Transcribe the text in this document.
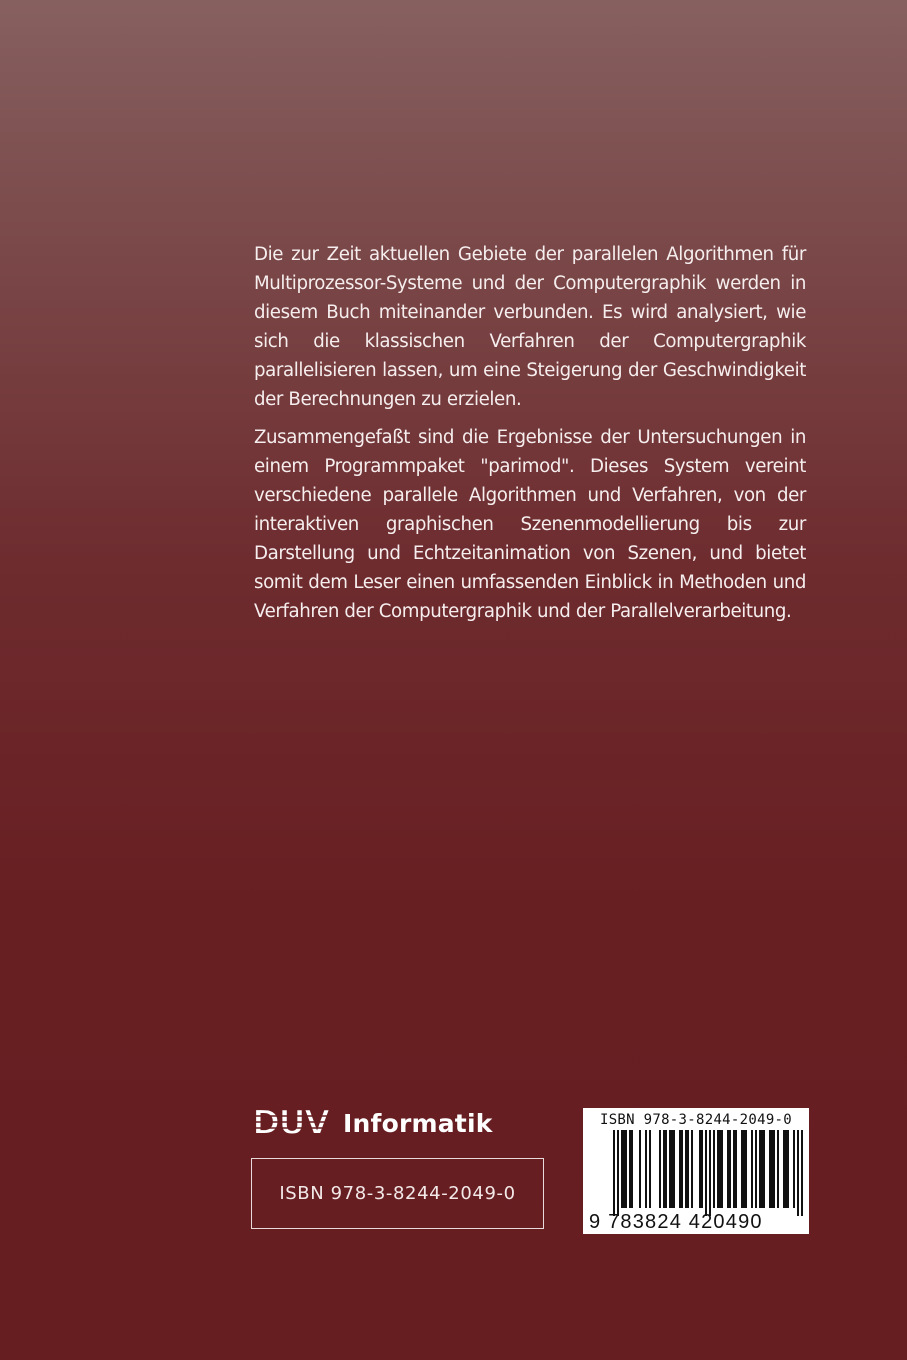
Die zur Zeit aktuellen Gebiete der parallelen Algorithmen für Multiprozessor-Systeme und der Computergraphik werden in diesem Buch miteinander verbunden. Es wird analysiert, wie sich die klassischen Verfahren der Computergraphik parallelisieren lassen, um eine Steigerung der Geschwindigkeit der Berechnungen zu erzielen.

Zusammengefaßt sind die Ergebnisse der Untersuchungen in einem Programmpaket "parimod". Dieses System vereint verschiedene parallele Algorithmen und Verfahren, von der interaktiven graphischen Szenenmodellierung bis zur Darstellung und Echtzeitanimation von Szenen, und bietet somit dem Leser einen umfassenden Einblick in Methoden und Verfahren der Computergraphik und der Parallelverarbeitung.

DUV Informatik
ISBN 978-3-8244-2049-0
ISBN 978-3-8244-2049-0
9 783824 420490
